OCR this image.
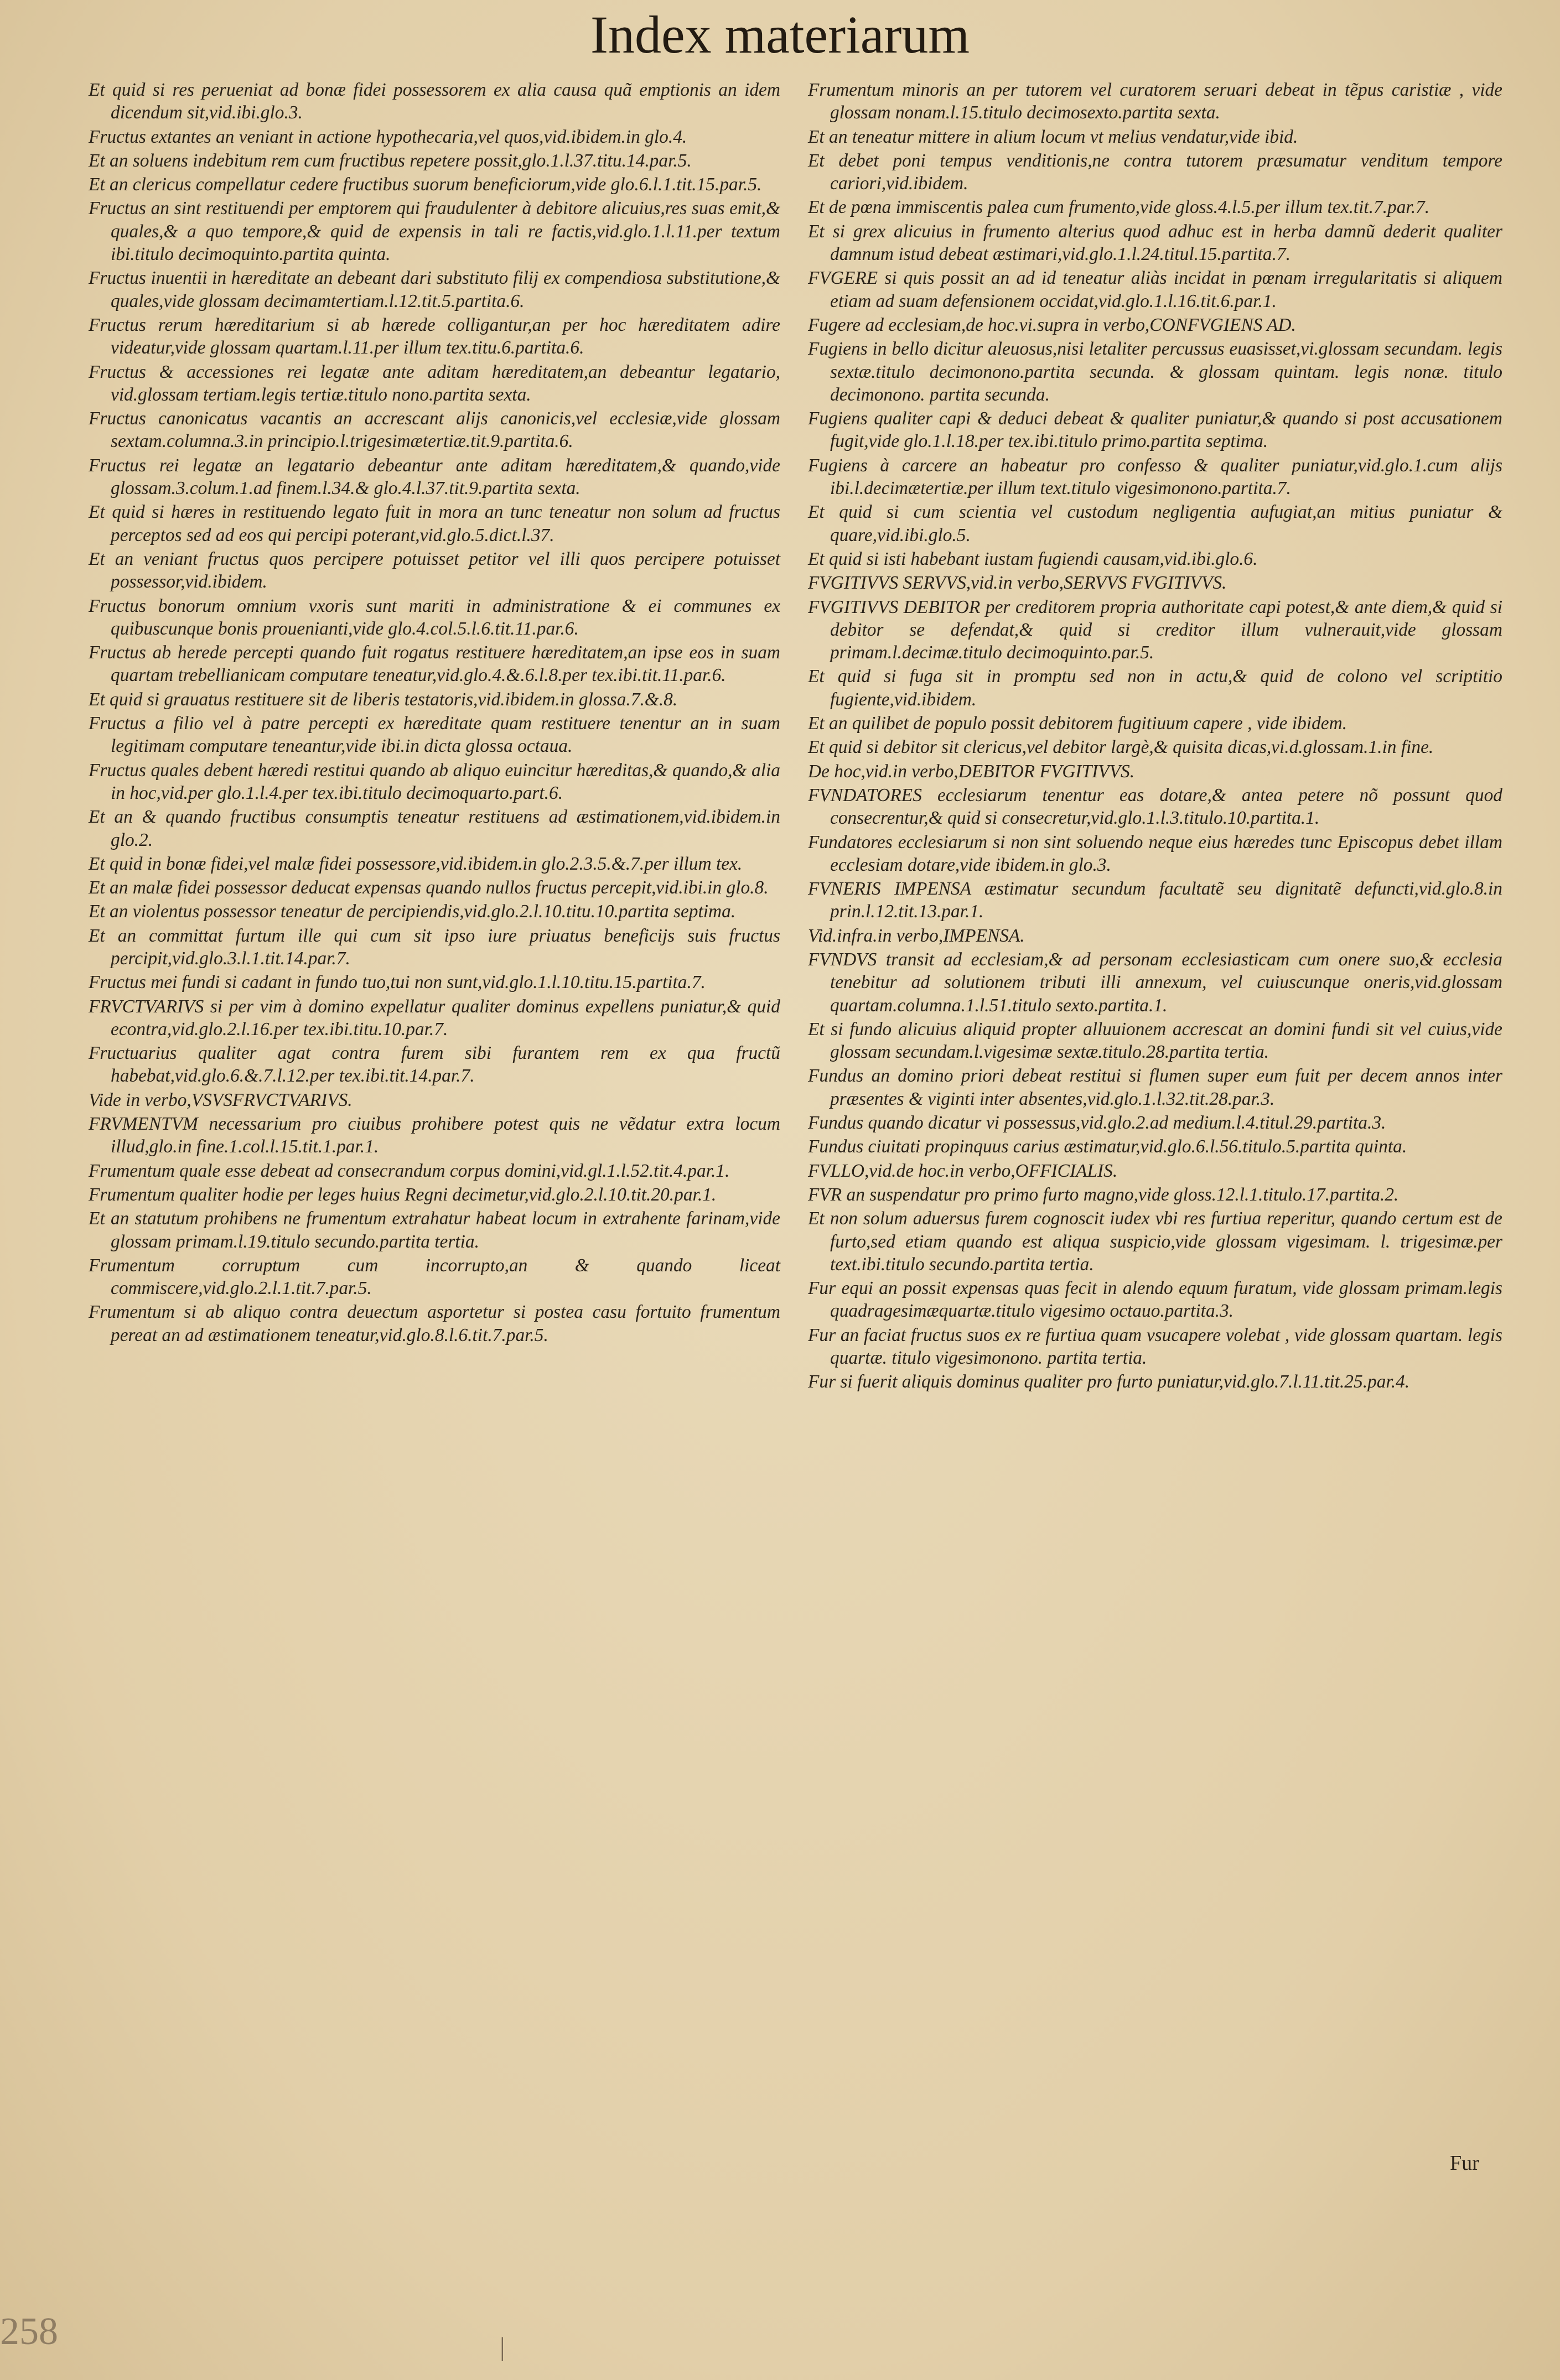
Index materiarum

Et quid si res perueniat ad bonæ fidei possessorem ex alia causa quã emptionis an idem dicendum sit,vid.ibi.glo.3.

Fructus extantes an veniant in actione hypothecaria,vel quos,vid.ibidem.in glo.4.

Et an soluens indebitum rem cum fructibus repetere possit,glo.1.l.37.titu.14.par.5.

Et an clericus compellatur cedere fructibus suorum beneficiorum,vide glo.6.l.1.tit.15.par.5.

Fructus an sint restituendi per emptorem qui fraudulenter à debitore alicuius,res suas emit,& quales,& a quo tempore,& quid de expensis in tali re factis,vid.glo.1.l.11.per textum ibi.titulo decimoquinto.partita quinta.

Fructus inuentii in hæreditate an debeant dari substituto filij ex compendiosa substitutione,& quales,vide glossam decimamtertiam.l.12.tit.5.partita.6.

Fructus rerum hæreditarium si ab hærede colligantur,an per hoc hæreditatem adire videatur,vide glossam quartam.l.11.per illum tex.titu.6.partita.6.

Fructus & accessiones rei legatæ ante aditam hæreditatem,an debeantur legatario, vid.glossam tertiam.legis tertiæ.titulo nono.partita sexta.

Fructus canonicatus vacantis an accrescant alijs canonicis,vel ecclesiæ,vide glossam sextam.columna.3.in principio.l.trigesimætertiæ.tit.9.partita.6.

Fructus rei legatæ an legatario debeantur ante aditam hæreditatem,& quando,vide glossam.3.colum.1.ad finem.l.34.& glo.4.l.37.tit.9.partita sexta.

Et quid si hæres in restituendo legato fuit in mora an tunc teneatur non solum ad fructus perceptos sed ad eos qui percipi poterant,vid.glo.5.dict.l.37.

Et an veniant fructus quos percipere potuisset petitor vel illi quos percipere potuisset possessor,vid.ibidem.

Fructus bonorum omnium vxoris sunt mariti in administratione & ei communes ex quibuscunque bonis prouenianti,vide glo.4.col.5.l.6.tit.11.par.6.

Fructus ab herede percepti quando fuit rogatus restituere hæreditatem,an ipse eos in suam quartam trebellianicam computare teneatur,vid.glo.4.&.6.l.8.per tex.ibi.tit.11.par.6.

Et quid si grauatus restituere sit de liberis testatoris,vid.ibidem.in glossa.7.&.8.

Fructus a filio vel à patre percepti ex hæreditate quam restituere tenentur an in suam legitimam computare teneantur,vide ibi.in dicta glossa octaua.

Fructus quales debent hæredi restitui quando ab aliquo euincitur hæreditas,& quando,& alia in hoc,vid.per glo.1.l.4.per tex.ibi.titulo decimoquarto.part.6.

Et an & quando fructibus consumptis teneatur restituens ad æstimationem,vid.ibidem.in glo.2.

Et quid in bonæ fidei,vel malæ fidei possessore,vid.ibidem.in glo.2.3.5.&.7.per illum tex.

Et an malæ fidei possessor deducat expensas quando nullos fructus percepit,vid.ibi.in glo.8.

Et an violentus possessor teneatur de percipiendis,vid.glo.2.l.10.titu.10.partita septima.

Et an committat furtum ille qui cum sit ipso iure priuatus beneficijs suis fructus percipit,vid.glo.3.l.1.tit.14.par.7.

Fructus mei fundi si cadant in fundo tuo,tui non sunt,vid.glo.1.l.10.titu.15.partita.7.

FRVCTVARIVS si per vim à domino expellatur qualiter dominus expellens puniatur,& quid econtra,vid.glo.2.l.16.per tex.ibi.titu.10.par.7.

Fructuarius qualiter agat contra furem sibi furantem rem ex qua fructũ habebat,vid.glo.6.&.7.l.12.per tex.ibi.tit.14.par.7.

Vide in verbo,VSVSFRVCTVARIVS.

FRVMENTVM necessarium pro ciuibus prohibere potest quis ne vẽdatur extra locum illud,glo.in fine.1.col.l.15.tit.1.par.1.

Frumentum quale esse debeat ad consecrandum corpus domini,vid.gl.1.l.52.tit.4.par.1.

Frumentum qualiter hodie per leges huius Regni decimetur,vid.glo.2.l.10.tit.20.par.1.

Et an statutum prohibens ne frumentum extrahatur habeat locum in extrahente farinam,vide glossam primam.l.19.titulo secundo.partita tertia.

Frumentum corruptum cum incorrupto,an & quando liceat commiscere,vid.glo.2.l.1.tit.7.par.5.

Frumentum si ab aliquo contra deuectum asportetur si postea casu fortuito frumentum pereat an ad æstimationem teneatur,vid.glo.8.l.6.tit.7.par.5.

Frumentum minoris an per tutorem vel curatorem seruari debeat in tẽpus caristiæ , vide glossam nonam.l.15.titulo decimosexto.partita sexta.

Et an teneatur mittere in alium locum vt melius vendatur,vide ibid.

Et debet poni tempus venditionis,ne contra tutorem præsumatur venditum tempore cariori,vid.ibidem.

Et de pœna immiscentis palea cum frumento,vide gloss.4.l.5.per illum tex.tit.7.par.7.

Et si grex alicuius in frumento alterius quod adhuc est in herba damnũ dederit qualiter damnum istud debeat æstimari,vid.glo.1.l.24.titul.15.partita.7.

FVGERE si quis possit an ad id teneatur aliàs incidat in pœnam irregularitatis si aliquem etiam ad suam defensionem occidat,vid.glo.1.l.16.tit.6.par.1.

Fugere ad ecclesiam,de hoc.vi.supra in verbo,CONFVGIENS AD.

Fugiens in bello dicitur aleuosus,nisi letaliter percussus euasisset,vi.glossam secundam. legis sextæ.titulo decimonono.partita secunda. & glossam quintam. legis nonæ. titulo decimonono. partita secunda.

Fugiens qualiter capi & deduci debeat & qualiter puniatur,& quando si post accusationem fugit,vide glo.1.l.18.per tex.ibi.titulo primo.partita septima.

Fugiens à carcere an habeatur pro confesso & qualiter puniatur,vid.glo.1.cum alijs ibi.l.decimætertiæ.per illum text.titulo vigesimonono.partita.7.

Et quid si cum scientia vel custodum negligentia aufugiat,an mitius puniatur & quare,vid.ibi.glo.5.

Et quid si isti habebant iustam fugiendi causam,vid.ibi.glo.6.

FVGITIVVS SERVVS,vid.in verbo,SERVVS FVGITIVVS.

FVGITIVVS DEBITOR per creditorem propria authoritate capi potest,& ante diem,& quid si debitor se defendat,& quid si creditor illum vulnerauit,vide glossam primam.l.decimæ.titulo decimoquinto.par.5.

Et quid si fuga sit in promptu sed non in actu,& quid de colono vel scriptitio fugiente,vid.ibidem.

Et an quilibet de populo possit debitorem fugitiuum capere , vide ibidem.

Et quid si debitor sit clericus,vel debitor largè,& quisita dicas,vi.d.glossam.1.in fine.

De hoc,vid.in verbo,DEBITOR FVGITIVVS.

FVNDATORES ecclesiarum tenentur eas dotare,& antea petere nõ possunt quod consecrentur,& quid si consecretur,vid.glo.1.l.3.titulo.10.partita.1.

Fundatores ecclesiarum si non sint soluendo neque eius hæredes tunc Episcopus debet illam ecclesiam dotare,vide ibidem.in glo.3.

FVNERIS IMPENSA æstimatur secundum facultatẽ seu dignitatẽ defuncti,vid.glo.8.in prin.l.12.tit.13.par.1.

Vid.infra.in verbo,IMPENSA.

FVNDVS transit ad ecclesiam,& ad personam ecclesiasticam cum onere suo,& ecclesia tenebitur ad solutionem tributi illi annexum, vel cuiuscunque oneris,vid.glossam quartam.columna.1.l.51.titulo sexto.partita.1.

Et si fundo alicuius aliquid propter alluuionem accrescat an domini fundi sit vel cuius,vide glossam secundam.l.vigesimæ sextæ.titulo.28.partita tertia.

Fundus an domino priori debeat restitui si flumen super eum fuit per decem annos inter præsentes & viginti inter absentes,vid.glo.1.l.32.tit.28.par.3.

Fundus quando dicatur vi possessus,vid.glo.2.ad medium.l.4.titul.29.partita.3.

Fundus ciuitati propinquus carius æstimatur,vid.glo.6.l.56.titulo.5.partita quinta.

FVLLO,vid.de hoc.in verbo,OFFICIALIS.

FVR an suspendatur pro primo furto magno,vide gloss.12.l.1.titulo.17.partita.2.

Et non solum aduersus furem cognoscit iudex vbi res furtiua reperitur, quando certum est de furto,sed etiam quando est aliqua suspicio,vide glossam vigesimam. l. trigesimæ.per text.ibi.titulo secundo.partita tertia.

Fur equi an possit expensas quas fecit in alendo equum furatum, vide glossam primam.legis quadragesimæquartæ.titulo vigesimo octauo.partita.3.

Fur an faciat fructus suos ex re furtiua quam vsucapere volebat , vide glossam quartam. legis quartæ. titulo vigesimonono. partita tertia.

Fur si fuerit aliquis dominus qualiter pro furto puniatur,vid.glo.7.l.11.tit.25.par.4.

Fur
258	|
